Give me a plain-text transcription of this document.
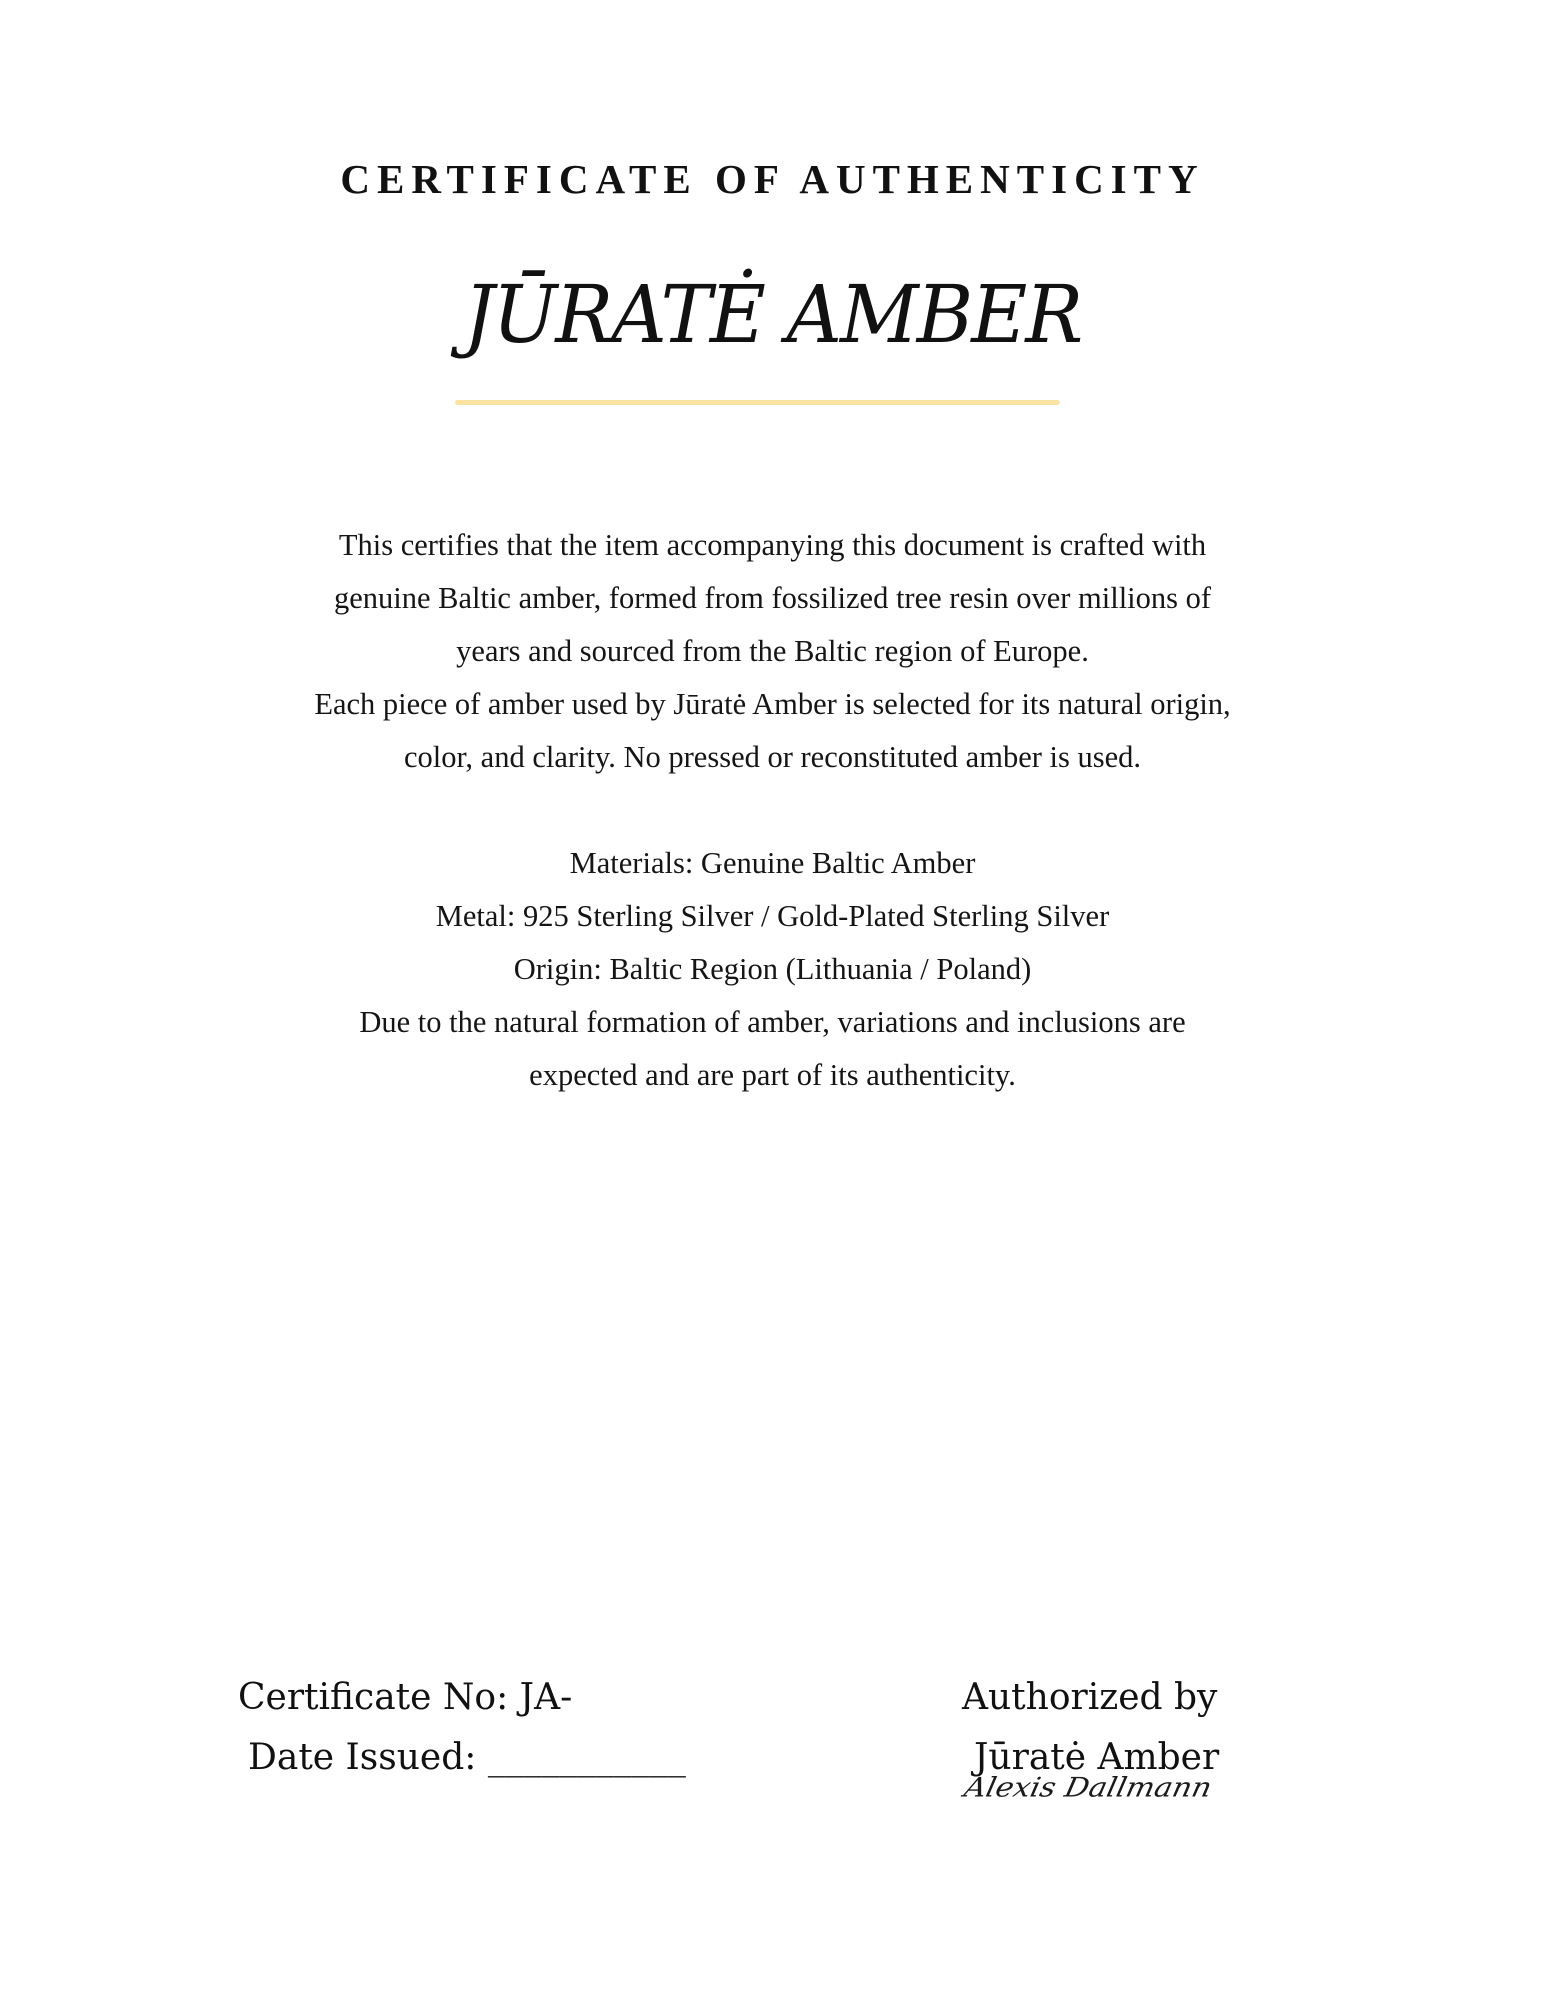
CERTIFICATE OF AUTHENTICITY
JŪRATĖ AMBER
This certifies that the item accompanying this document is crafted with
genuine Baltic amber, formed from fossilized tree resin over millions of
years and sourced from the Baltic region of Europe.
Each piece of amber used by Jūratė Amber is selected for its natural origin,
color, and clarity. No pressed or reconstituted amber is used.
Materials: Genuine Baltic Amber
Metal: 925 Sterling Silver / Gold-Plated Sterling Silver
Origin: Baltic Region (Lithuania / Poland)
Due to the natural formation of amber, variations and inclusions are
expected and are part of its authenticity.
Certificate No: JA-
Date Issued: ___________
Authorized by
Jūratė Amber
Alexis Dallmann
